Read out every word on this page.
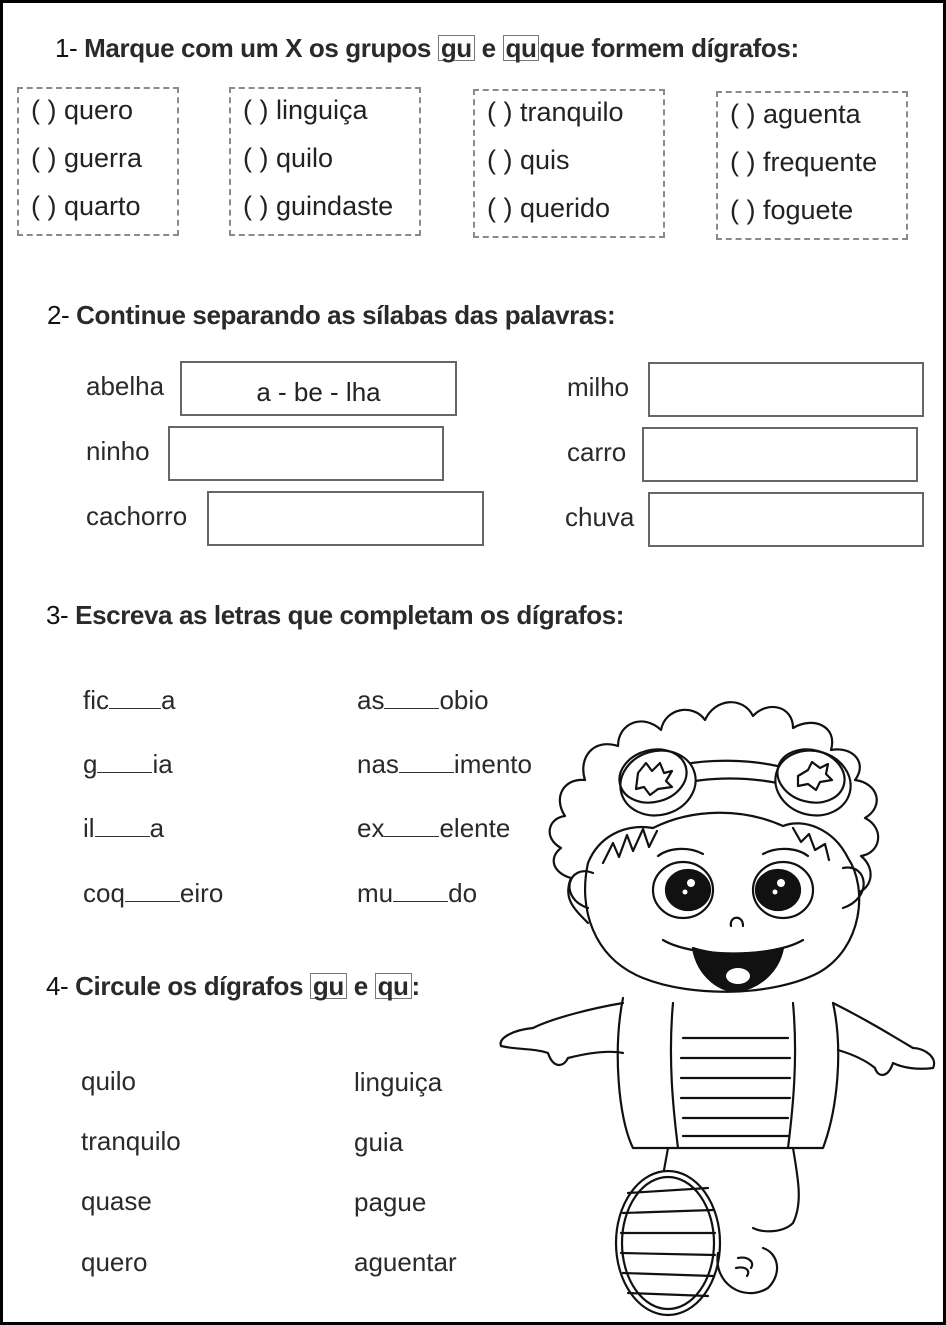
1- Marque com um X os grupos gu e qu que formem dígrafos:
( ) quero
( ) guerra
( ) quarto
( ) linguiça
( ) quilo
( ) guindaste
( ) tranquilo
( ) quis
( ) querido
( ) aguenta
( ) frequente
( ) foguete
2- Continue separando as sílabas das palavras:
abelha	a - be - lha
ninho
cachorro
milho
carro
chuva
3- Escreva as letras que completam os dígrafos:
fic a
g ia
il a
coq eiro
as obio
nas imento
ex elente
mu do
4- Circule os dígrafos gu e qu :
quilo
tranquilo
quase
quero
linguiça
guia
pague
aguentar
